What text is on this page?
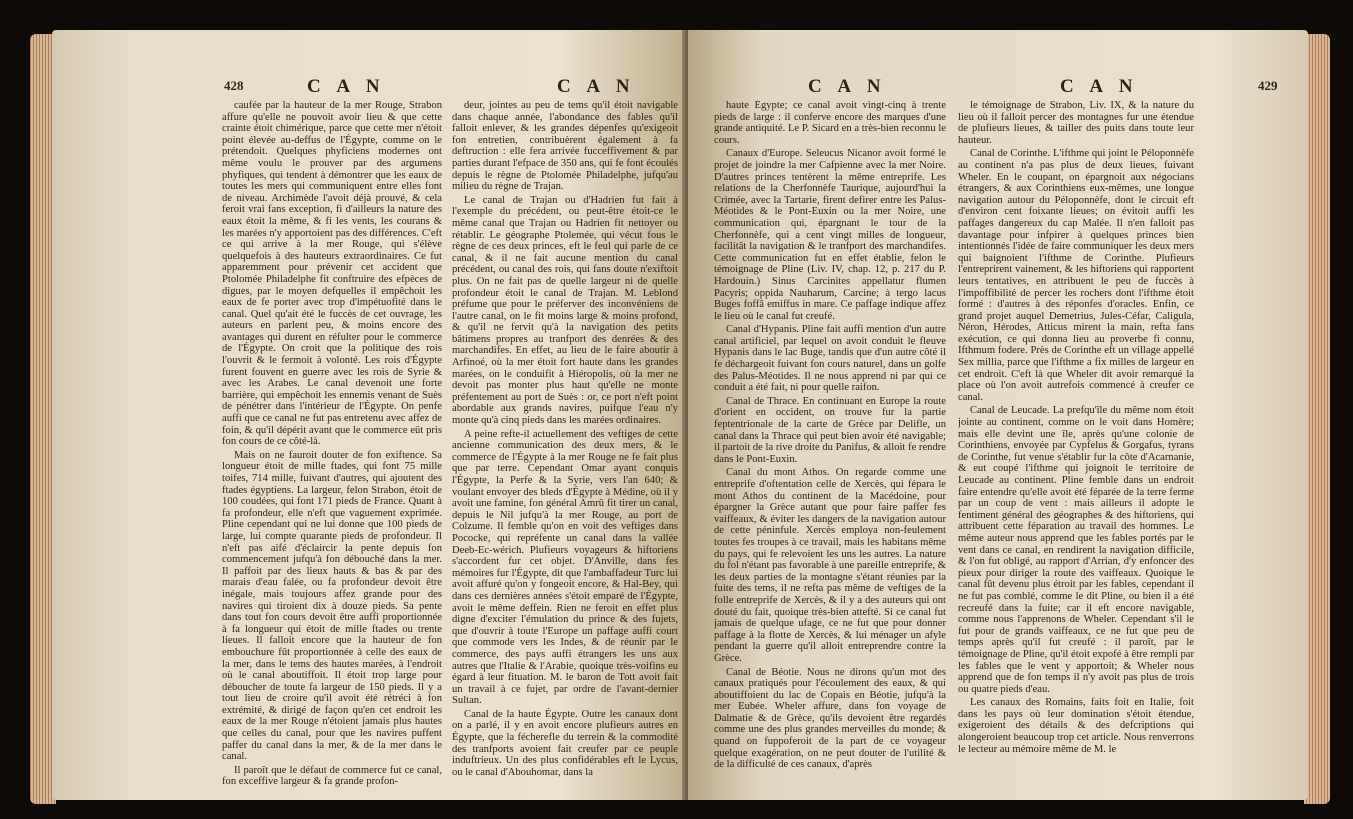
428	C A N	C A N

caufée par la hauteur de la mer Rouge, Strabon affure qu'elle ne pouvoit avoir lieu & que cette crainte étoit chimérique, parce que cette mer n'étoit point élevée au-deffus de l'Égypte, comme on le prétendoit. Quelques phyficiens modernes ont même voulu le prouver par des argumens phyfiques, qui tendent à démontrer que les eaux de toutes les mers qui communiquent entre elles font de niveau. Archimède l'avoit déjà prouvé, & cela feroit vrai fans exception, fi d'ailleurs la nature des eaux étoit la même, & fi les vents, les courans & les marées n'y apportoient pas des différences. C'eft ce qui arrive à la mer Rouge, qui s'élève quelquefois à des hauteurs extraordinaires. Ce fut apparemment pour prévenir cet accident que Ptolomée Philadelphe fit conftruire des efpèces de digues, par le moyen defquelles il empêchoit les eaux de fe porter avec trop d'impétuofité dans le canal. Quel qu'ait été le fuccès de cet ouvrage, les auteurs en parlent peu, & moins encore des avantages qui durent en réfulter pour le commerce de l'Égypte. On croit que la politique des rois l'ouvrit & le fermoit à volonté. Les rois d'Égypte furent fouvent en guerre avec les rois de Syrie & avec les Arabes. Le canal devenoit une forte barrière, qui empêchoit les ennemis venant de Suès de pénétrer dans l'intérieur de l'Égypte. On penfe auffi que ce canal ne fut pas entretenu avec affez de foin, & qu'il dépérit avant que le commerce eût pris fon cours de ce côté-là.

Mais on ne fauroit douter de fon exiftence. Sa longueur étoit de mille ftades, qui font 75 mille toifes, 714 mille, fuivant d'autres, qui ajoutent des ftades égyptiens. La largeur, felon Strabon, étoit de 100 coudées, qui font 171 pieds de France. Quant à fa profondeur, elle n'eft que vaguement exprimée. Pline cependant qui ne lui donne que 100 pieds de large, lui compte quarante pieds de profondeur. Il n'eft pas aifé d'éclaircir la pente depuis fon commencement jufqu'à fon débouché dans la mer. Il paffoit par des lieux hauts & bas & par des marais d'eau falée, ou fa profondeur devoit être inégale, mais toujours affez grande pour des navires qui tiroient dix à douze pieds. Sa pente dans tout fon cours devoit être auffi proportionnée à fa longueur qui étoit de mille ftades ou trente lieues. Il falloit encore que la hauteur de fon embouchure fût proportionnée à celle des eaux de la mer, dans le tems des hautes marées, à l'endroit où le canal aboutiffoit. Il étoit trop large pour déboucher de toute fa largeur de 150 pieds. Il y a tout lieu de croire qu'il avoit été rétréci à fon extrémité, & dirigé de façon qu'en cet endroit les eaux de la mer Rouge n'étoient jamais plus hautes que celles du canal, pour que les navires puffent paffer du canal dans la mer, & de la mer dans le canal.

Il paroît que le défaut de commerce fut ce canal, fon exceffive largeur & fa grande profon-

deur, jointes au peu de tems qu'il étoit navigable dans chaque année, l'abondance des fables qu'il falloit enlever, & les grandes dépenfes qu'exigeoit fon entretien, contribuèrent également à fa deftruction : elle fera arrivée fucceffivement & par parties durant l'efpace de 350 ans, qui fe font écoulés depuis le règne de Ptolomée Philadelphe, jufqu'au milieu du règne de Trajan.

Le canal de Trajan ou d'Hadrien fut fait à l'exemple du précédent, ou peut-être étoit-ce le même canal que Trajan ou Hadrien fit nettoyer ou rétablir. Le géographe Ptolemée, qui vécut fous le règne de ces deux princes, eft le feul qui parle de ce canal, & il ne fait aucune mention du canal précédent, ou canal des rois, qui fans doute n'exiftoit plus. On ne fait pas de quelle largeur ni de quelle profondeur étoit le canal de Trajan. M. Leblond préfume que pour le préferver des inconvéniens de l'autre canal, on le fit moins large & moins profond, & qu'il ne fervit qu'à la navigation des petits bâtimens propres au tranfport des denrées & des marchandifes. En effet, au lieu de le faire aboutir à Arfinoé, où la mer étoit fort haute dans les grandes marées, on le conduifit à Hiéropolis, où la mer ne devoit pas monter plus haut qu'elle ne monte préfentement au port de Suès : or, ce port n'eft point abordable aux grands navires, puifque l'eau n'y monte qu'à cinq pieds dans les marées ordinaires.

A peine refte-il actuellement des veftiges de cette ancienne communication des deux mers, & le commerce de l'Égypte à la mer Rouge ne fe fait plus que par terre. Cependant Omar ayant conquis l'Égypte, la Perfe & la Syrie, vers l'an 640; & voulant envoyer des bleds d'Égypte à Médine, où il y avoit une famine, fon général Amrû fit tirer un canal, depuis le Nil jufqu'à la mer Rouge, au port de Colzume. Il femble qu'on en voit des veftiges dans Pococke, qui repréfente un canal dans la vallée Deeb-Ec-wérich. Plufieurs voyageurs & hiftoriens s'accordent fur cet objet. D'Anville, dans fes mémoires fur l'Égypte, dit que l'ambaffadeur Turc lui avoit affuré qu'on y fongeoit encore, & Hal-Bey, qui dans ces dernières années s'étoit emparé de l'Égypte, avoit le même deffein. Rien ne feroit en effet plus digne d'exciter l'émulation du prince & des fujets, que d'ouvrir à toute l'Europe un paffage auffi court que commode vers les Indes, & de réunir par le commerce, des pays auffi étrangers les uns aux autres que l'Italie & l'Arabie, quoique très-voifins eu égard à leur fituation. M. le baron de Tott avoit fait un travail à ce fujet, par ordre de l'avant-dernier Sultan.

Canal de la haute Égypte. Outre les canaux dont on a parlé, il y en avoit encore plufieurs autres en Égypte, que la fécherefle du terrein & la commodité des tranfports avoient fait creufer par ce peuple induftrieux. Un des plus confidérables eft le Lycus, ou le canal d'Abouhomar, dans la

C A N	C A N	429

haute Égypte; ce canal avoit vingt-cinq à trente pieds de large : il conferve encore des marques d'une grande antiquité. Le P. Sicard en a très-bien reconnu le cours.

Canaux d'Europe. Seleucus Nicanor avoit formé le projet de joindre la mer Cafpienne avec la mer Noire. D'autres princes tentèrent la même entreprife. Les relations de la Cherfonnèfe Taurique, aujourd'hui la Crimée, avec la Tartarie, firent defirer entre les Palus-Méotides & le Pont-Euxin ou la mer Noire, une communication qui, épargnant le tour de la Cherfonnèfe, qui a cent vingt milles de longueur, facilitât la navigation & le tranfport des marchandifes. Cette communication fut en effet établie, felon le témoignage de Pline (Liv. IV, chap. 12, p. 217 du P. Hardouin.) Sinus Carcinites appellatur flumen Pacyris; oppida Nauharum, Carcine; à tergo lacus Buges foffâ emiffus in mare. Ce paffage indique affez le lieu où le canal fut creufé.

Canal d'Hypanis. Pline fait auffi mention d'un autre canal artificiel, par lequel on avoit conduit le fleuve Hypanis dans le lac Buge, tandis que d'un autre côté il fe déchargeoit fuivant fon cours naturel, dans un golfe des Palus-Méotides. Il ne nous apprend ni par qui ce conduit a été fait, ni pour quelle raifon.

Canal de Thrace. En continuant en Europe la route d'orient en occident, on trouve fur la partie feptentrionale de la carte de Grèce par Delifle, un canal dans la Thrace qui peut bien avoir été navigable; il partoit de la rive droite du Panifus, & alloit fe rendre dans le Pont-Euxin.

Canal du mont Athos. On regarde comme une entreprife d'oftentation celle de Xercès, qui fépara le mont Athos du continent de la Macédoine, pour épargner la Grèce autant que pour faire paffer fes vaiffeaux, & éviter les dangers de la navigation autour de cette péninfule. Xercès employa non-feulement toutes fes troupes à ce travail, mais les habitans même du pays, qui fe relevoient les uns les autres. La nature du fol n'étant pas favorable à une pareille entreprife, & les deux parties de la montagne s'étant réunies par la fuite des tems, il ne refta pas même de veftiges de la folle entreprife de Xercès, & il y a des auteurs qui ont douté du fait, quoique très-bien attefté. Si ce canal fut jamais de quelque ufage, ce ne fut que pour donner paffage à la flotte de Xercès, & lui ménager un afyle pendant la guerre qu'il alloit entreprendre contre la Grèce.

Canal de Béotie. Nous ne dirons qu'un mot des canaux pratiqués pour l'écoulement des eaux, & qui aboutiffoient du lac de Copais en Béotie, jufqu'à la mer Eubée. Wheler affure, dans fon voyage de Dalmatie & de Grèce, qu'ils devoient être regardés comme une des plus grandes merveilles du monde; & quand on fuppoferoit de la part de ce voyageur quelque exagération, on ne peut douter de l'utilité & de la difficulté de ces canaux, d'après

le témoignage de Strabon, Liv. IX, & la nature du lieu où il falloit percer des montagnes fur une étendue de plufieurs lieues, & tailler des puits dans toute leur hauteur.

Canal de Corinthe. L'ifthme qui joint le Péloponnèfe au continent n'a pas plus de deux lieues, fuivant Wheler. En le coupant, on épargnoit aux négocians étrangers, & aux Corinthiens eux-mêmes, une longue navigation autour du Péloponnèfe, dont le circuit eft d'environ cent foixante lieues; on évitoit auffi les paffages dangereux du cap Malée. Il n'en falloit pas davantage pour infpirer à quelques princes bien intentionnés l'idée de faire communiquer les deux mers qui baignoient l'ifthme de Corinthe. Plufieurs l'entreprirent vainement, & les hiftoriens qui rapportent leurs tentatives, en attribuent le peu de fuccès à l'impoffibilité de percer les rochers dont l'ifthme étoit formé : d'autres à des réponfes d'oracles. Enfin, ce grand projet auquel Demetrius, Jules-Céfar, Caligula, Néron, Hérodes, Atticus mirent la main, refta fans exécution, ce qui donna lieu au proverbe fi connu, Ifthmum fodere. Près de Corinthe eft un village appellé Sex millia, parce que l'ifthme a fix milles de largeur en cet endroit. C'eft là que Wheler dit avoir remarqué la place où l'on avoit autrefois commencé à creufer ce canal.

Canal de Leucade. La prefqu'île du même nom étoit jointe au continent, comme on le voit dans Homère; mais elle devint une île, après qu'une colonie de Corinthiens, envoyée par Cypfelus & Gorgafus, tyrans de Corinthe, fut venue s'établir fur la côte d'Acarnanie, & eut coupé l'ifthme qui joignoit le territoire de Leucade au continent. Pline femble dans un endroit faire entendre qu'elle avoit été féparée de la terre ferme par un coup de vent : mais ailleurs il adopte le fentiment général des géographes & des hiftoriens, qui attribuent cette féparation au travail des hommes. Le même auteur nous apprend que les fables portés par le vent dans ce canal, en rendirent la navigation difficile, & l'on fut obligé, au rapport d'Arrian, d'y enfoncer des pieux pour diriger la route des vaiffeaux. Quoique le canal fût devenu plus étroit par les fables, cependant il ne fut pas comblé, comme le dit Pline, ou bien il a été recreufé dans la fuite; car il eft encore navigable, comme nous l'apprenons de Wheler. Cependant s'il le fut pour de grands vaiffeaux, ce ne fut que peu de temps après qu'il fut creufé : il paroît, par le témoignage de Pline, qu'il étoit expofé à être rempli par les fables que le vent y apportoit; & Wheler nous apprend que de fon temps il n'y avoit pas plus de trois ou quatre pieds d'eau.

Les canaux des Romains, faits foit en Italie, foit dans les pays où leur domination s'étoit étendue, exigeroient des détails & des defcriptions qui alongeroient beaucoup trop cet article. Nous renverrons le lecteur au mémoire même de M. le
